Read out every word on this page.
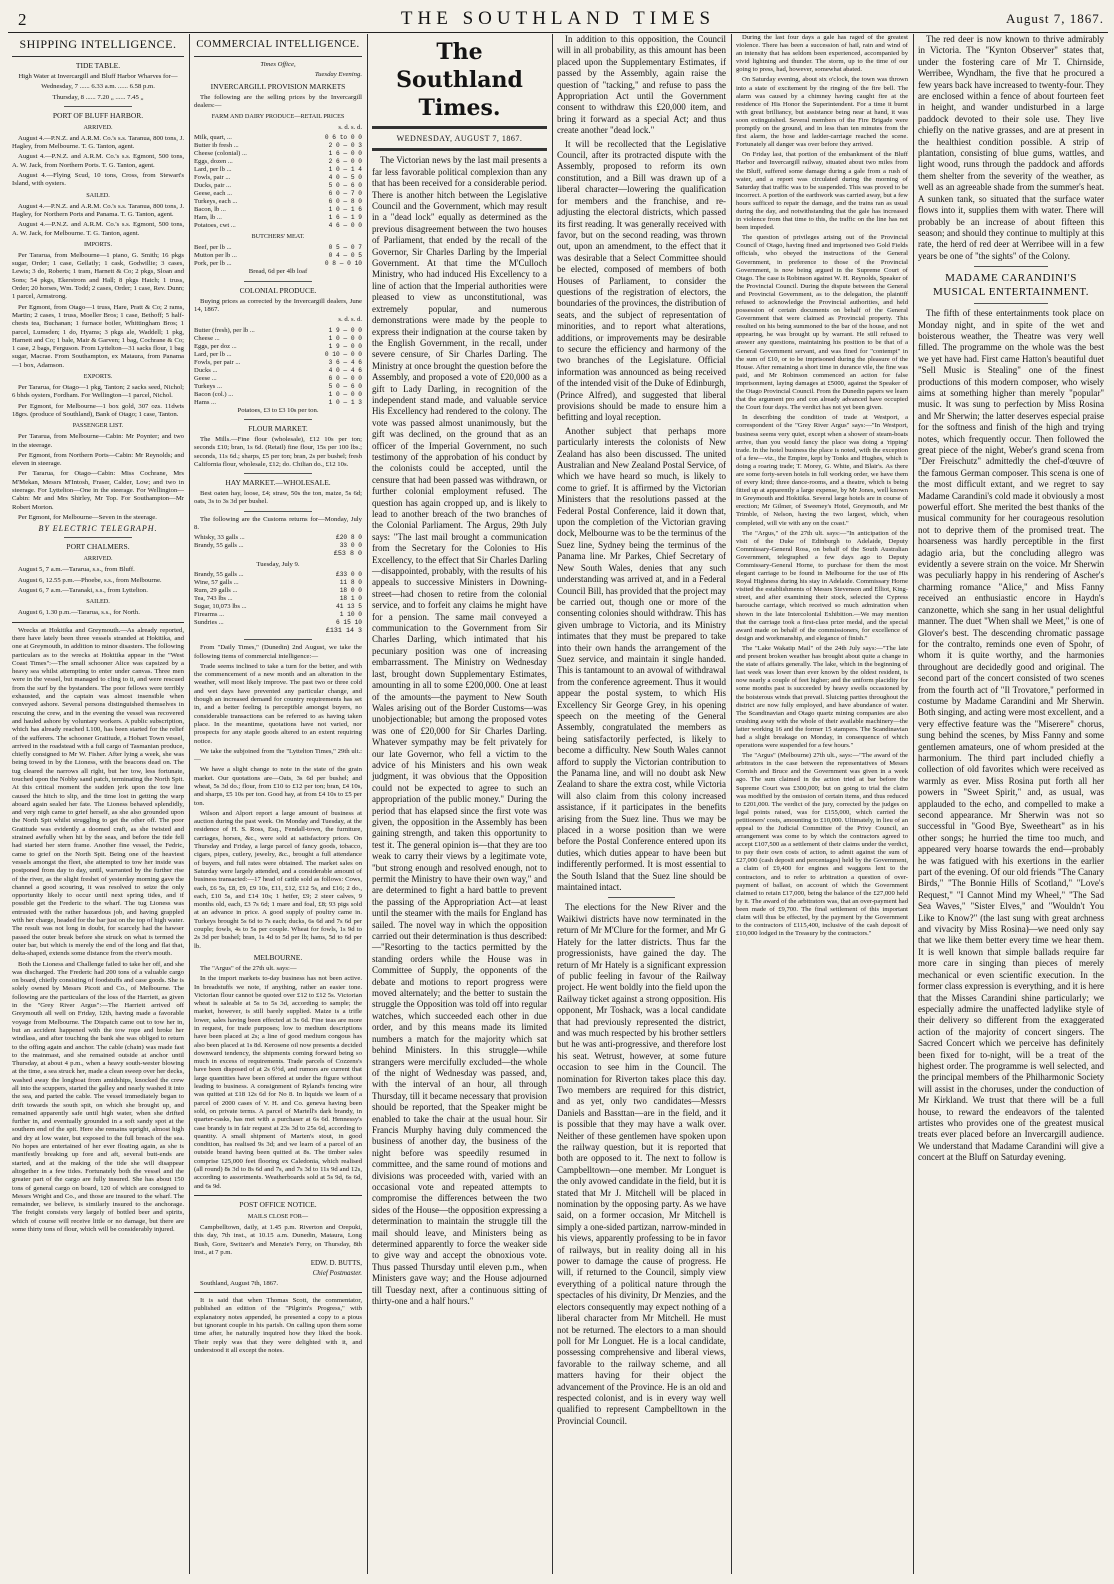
2	THE SOUTHLAND TIMES	August 7, 1867.
SHIPPING INTELLIGENCE.
TIDE TABLE.

High Water at Invercargill and Bluff Harbor Wharves for—

Wednesday, 7 ...... 6.33 a.m. ...... 6.58 p.m.

Thursday, 8 ...... 7.20 „ ...... 7.45 „

PORT OF BLUFF HARBOR.
ARRIVED.

August 4.—P.N.Z. and A.R.M. Co.'s s.s. Taranua, 800 tons, J. Hagley, from Melbourne. T. G. Tanton, agent.

August 4.—P.N.Z. and A.R.M. Co.'s s.s. Egmont, 500 tons, A. W. Jack, from Northern Ports. T. G. Tanton, agent.

August 4.—Flying Scud, 10 tons, Cross, from Stewart's Island, with oysters.

SAILED.

August 4.—P.N.Z. and A.R.M. Co.'s s.s. Taranua, 800 tons, J. Hagley, for Northern Ports and Panama. T. G. Tanton, agent.

August 4.—P.N.Z. and A.R.M. Co.'s s.s. Egmont, 500 tons, A. W. Jack, for Melbourne. T. G. Tanton, agent.

IMPORTS.

Per Tararua, from Melbourne—1 piano, G. Smith; 16 pkgs sugar, Order; 1 case, Gellatly; 1 cask, Godwillie; 3 cases, Lewis; 3 do, Roberts; 1 tram, Harnett & Co; 2 pkgs, Sloan and Sons; 54 pkgs, Ekerstrom and Hall; 8 pkgs Hatch; 1 truss, Order; 20 horses, Wm. Todd; 2 cases, Order; 1 case, Rev. Dunn; 1 parcel, Armstrong.

Per Egmont, from Otago—1 truss, Hare, Pratt & Co; 2 rams, Martin; 2 cases, 1 truss, Moeller Bros; 1 case, Bethoff; 5 half-chests tea, Buchanan; 1 furnace boiler, Whittingham Bros; 1 parcel, Lumsden; 1 do, Hyams; 3 pkgs ale, Waddell; 1 pkg, Harnett and Co; 1 bale, Mair & Garven; 1 bag, Cochrane & Co; 1 case, 2 bags, Ferguson. From Lyttelton—31 sacks flour, 1 bag sugar, Macrae. From Southampton, ex Mataura, from Panama—1 box, Adamson.

EXPORTS.

Per Tararua, for Otago—1 pkg, Tanton; 2 sacks seed, Nichol; 6 bhds oysters, Fordham. For Wellington—1 parcel, Nichol.

Per Egmont, for Melbourne—1 box gold, 307 ozs. 11dwts 18grs. (produce of Southland), Bank of Otago; 1 case, Tanton.

PASSENGER LIST.

Per Tararua, from Melbourne—Cabin: Mr Poynter; and two in the steerage.

Per Egmont, from Northern Ports—Cabin: Mr Reynolds; and eleven in steerage.

Per Tararua, for Otago—Cabin: Miss Cochrane, Mrs M'Mekan, Messrs M'Intosh, Fraser, Calder, Low; and two in steerage. For Lyttelton—One in the steerage. For Wellington—Cabin: Mr and Mrs Shirley, Mr Top. For Southampton—Mr Robert Morton.

Per Egmont, for Melbourne—Seven in the steerage.

BY ELECTRIC TELEGRAPH.
PORT CHALMERS.
ARRIVED.

August 5, 7 a.m.—Tararua, s.s., from Bluff.

August 6, 12.55 p.m.—Phoebe, s.s., from Melbourne.

August 6, 7 a.m.—Taranaki, s.s., from Lyttelton.

SAILED.

August 6, 1.30 p.m.—Tararua, s.s., for North.

Wrecks at Hokitika and Greymouth.—As already reported, there have lately been three vessels stranded at Hokitika, and one at Greymouth, in addition to minor disasters. The following particulars as to the wrecks at Hokitika appear in the "West Coast Times":—The small schooner Alice was capsized by a heavy sea whilst attempting to enter under canvas. Three men were in the vessel, but managed to cling to it, and were rescued from the surf by the bystanders. The poor fellows were terribly exhausted, and the captain was almost insensible when conveyed ashore. Several persons distinguished themselves in rescuing the crew, and in the evening the vessel was recovered and hauled ashore by voluntary workers. A public subscription, which has already reached L100, has been started for the relief of the sufferers. The schooner Gratitude, a Hobart Town vessel, arrived in the roadstead with a full cargo of Tasmanian produce, chiefly consigned to Mr W. Fisher. After lying a week, she was being towed in by the Lioness, with the beacons dead on. The tug cleared the narrows all right, but her tow, less fortunate, touched upon the Nobby sand patch, terminating the North Spit. At this critical moment the sudden jerk upon the tow line caused the hitch to slip, and the time lost in getting the warp aboard again sealed her fate. The Lioness behaved splendidly, and very nigh came to grief herself, as she also grounded upon the North Spit whilst struggling to get the other off. The poor Gratitude was evidently a doomed craft, as she twisted and strained awfully when hit by the seas, and before the tide fell had started her stern frame. Another fine vessel, the Fedric, came to grief on the North Spit. Being one of the heaviest vessels amongst the fleet, she attempted to tow her inside was postponed from day to day, until, warranted by the further rise of the river, as the slight freshet of yesterday morning gave the channel a good scouring, it was resolved to seize the only opportunity likely to occur until next spring tides, and if possible get the Frederic to the wharf. The tug Lioness was entrusted with the rather hazardous job, and having grappled with her charge, headed for the bar just on the top of high water. The result was not long in doubt, for scarcely had the hawser passed the outer break before she struck on what is termed the outer bar, but which is merely the end of the long and flat that, delta-shaped, extends some distance from the river's mouth.

Both the Lioness and Challenge failed to take her off, and she was discharged. The Frederic had 200 tons of a valuable cargo on board, chiefly consisting of foodstuffs and case goods. She is solely owned by Messrs Picott and Co., of Melbourne. The following are the particulars of the loss of the Harriett, as given in the "Grey River Argus":—The Harriett arrived off Greymouth all well on Friday, 12th, having made a favorable voyage from Melbourne. The Dispatch came out to tow her in, but an accident happened with the tow rope and broke her windlass, and after touching the bank she was obliged to return to the offing again and anchor. The cable (chain) was made fast to the mainmast, and she remained outside at anchor until Thursday, at about 4 p.m., when a heavy south-wester blowing at the time, a sea struck her, made a clean sweep over her decks, washed away the longboat from amidships, knocked the crew all into the scuppers, started the galley and nearly washed it into the sea, and parted the cable. The vessel immediately began to drift towards the south spit, on which she brought up, and remained apparently safe until high water, when she drifted further in, and eventually grounded in a soft sandy spot at the southern end of the spit. Here she remains upright, almost high and dry at low water, but exposed to the full breach of the sea. No hopes are entertained of her ever floating again, as she is manifestly breaking up fore and aft, several butt-ends are started, and at the making of the tide she will disappear altogether in a few tides. Fortunately both the vessel and the greater part of the cargo are fully insured. She has about 150 tons of general cargo on board, 120 of which are consigned to Messrs Wright and Co., and those are insured to the wharf. The remainder, we believe, is similarly insured to the anchorage. The freight consists very largely of bottled beer and spirits, which of course will receive little or no damage, but there are some thirty tons of flour, which will be considerably injured.

COMMERCIAL INTELLIGENCE.

Times Office,

Tuesday Evening.

INVERCARGILL PROVISION MARKETS

The following are the selling prices by the Invercargill dealers:—

FARM AND DAIRY PRODUCE—RETAIL PRICES

s. d. s. d.

Milk, quart, ...	0 6 to 0 0
Butter ib fresh ...	2 0 — 0 3
Cheese (colonial) ...	1 6 — 0 0
Eggs, dozen ...	2 6 — 0 0
Lard, per lb ...	1 0 — 1 4
Fowls, pair ...	4 0 — 5 0
Ducks, pair ...	5 0 — 6 0
Geese, each ...	6 0 — 7 0
Turkeys, each ...	6 0 — 8 0
Bacon, lb ...	1 0 — 1 6
Ham, lb ...	1 6 — 1 9
Potatoes, cwt ...	4 6 — 0 0
BUTCHERS' MEAT.
Beef, per lb ...	0 5 — 0 7
Mutton per lb ...	0 4 — 0 5
Pork, per lb ...	0 8 — 0 10

Bread, 6d per 4lb loaf

COLONIAL PRODUCE.

Buying prices as corrected by the Invercargill dealers, June 14, 1867.

s. d. s. d.

Butter (fresh), per lb ...	1 9 — 0 0
Cheese ...	1 0 — 0 0
Eggs, per doz ...	1 9 — 0 0
Lard, per lb ...	0 10 — 0 0
Fowls, per pair ...	3 6 — 4 6
Ducks ...	4 0 — 4 6
Geese ...	6 0 — 0 0
Turkeys ...	5 0 — 6 0
Bacon (col.) ...	1 0 — 0 0
Hams ...	1 0 — 1 3

Potatoes, £3 to £3 10s per ton.

FLOUR MARKET.

The Mills.—Fine flour (wholesale), £12 10s per ton; seconds £10; bran, 1s 6d. (Retail) fine flour, 15s per 100 lbs.; seconds, 11s 6d.; sharps, £5 per ton; bran, 2s per bushel; fresh California flour, wholesale, £12; do. Chilian do., £12 10s.

HAY MARKET.—WHOLESALE.

Best oaten hay, loose, £4; straw, 50s the ton, maize, 5s 6d; oats, 3s to 3s 3d per bushel.

The following are the Customs returns for—Monday, July 8.

Whisky, 33 galls ...	£20 8 0
Brandy, 55 galls ...	33 0 0

£53 8 0

Tuesday, July 9.

Brandy, 55 galls ...	£33 0 0
Wine, 57 galls ...	11 8 0
Rum, 29 galls ...	18 0 0
Tea, 743 lbs ...	18 1 0
Sugar, 10,073 lbs ...	41 13 5
Firearms ...	1 10 0
Sundries ...	6 15 10

£131 14 3

From "Daily Times," (Dunedin) 2nd August, we take the following items of commercial intelligence:—

Trade seems inclined to take a turn for the better, and with the commencement of a new month and an alteration in the weather, will most likely improve. The past two or three cold and wet days have prevented any particular change, and though an increased demand for country requirements has set in, and a better feeling is perceptible amongst buyers, no considerable transactions can be referred to as having taken place. In the meantime, quotations have not varied, nor prospects for any staple goods altered to an extent requiring notice.

We take the subjoined from the "Lyttelton Times," 29th ult.:—

We have a slight change to note in the state of the grain market. Our quotations are—Oats, 3s 6d per bushel; and wheat, 5s 3d do.; flour, from £10 to £12 per ton; bran, £4 10s, and sharps, £5 10s per ton. Good hay, at from £4 10s to £5 per ton.

Wilson and Alport report a large amount of business at auction during the past week. On Monday and Tuesday, at the residence of H. S. Ross, Esq., Fendall-town, the furniture, carriages, horses, &c., were sold at satisfactory prices. On Thursday and Friday, a large parcel of fancy goods, tobacco, cigars, pipes, cutlery, jewelry, &c., brought a full attendance of buyers, and full rates were obtained. The market sales on Saturday were largely attended, and a considerable amount of business transacted:—17 head of cattle sold as follows: Cows, each, £6 5s, £8, £9, £9 10s, £11, £12, £12 5s, and £16; 2 do., each, £10 5s, and £14 10s; 1 heifer, £9; 2 steer calves, 9 months old, each, £3 7s 6d; 1 mare and foal, £8; 93 pigs sold at an advance in price. A good supply of poultry came in. Turkeys brought 5s 6d to 7s each; ducks, 6s 6d and 7s 6d per couple; fowls, 4s to 5s per couple. Wheat for fowls, 1s 9d to 2s 3d per bushel; bran, 1s 4d to 5d per lb; hams, 5d to 6d per lb.

MELBOURNE.

The "Argus" of the 27th ult. says:—

In the import markets to-day business has not been active. In breadstuffs we note, if anything, rather an easier tone. Victorian flour cannot be quoted over £12 to £12 5s. Victorian wheat is saleable at 5s to 5s 3d, according to sample; the market, however, is still barely supplied. Maize is a trifle lower, sales having been effected at 3s 6d. Fine teas are more in request, for trade purposes; low to medium descriptions have been placed at 2s; a line of good medium congous has also been placed at 1s 8d. Kerosene oil now presents a decided downward tendency, the shipments coming forward being so much in excess of requirements. Trade parcels of Cozzens's have been disposed of at 2s 6½d, and rumors are current that large quantities have been offered at under the figure without leading to business. A consignment of Ryland's fencing wire was quitted at £18 12s 6d for No 8. In liquids we learn of a parcel of 2000 cases of V. H. and Co. geneva having been sold, on private terms. A parcel of Martell's dark brandy, in quarter-casks, has met with a purchaser at 6s 6d. Hennessy's case brandy is in fair request at 23s 3d to 25s 6d, according to quantity. A small shipment of Marten's stout, in good condition, has realised 9s 3d; and we learn of a parcel of an outside brand having been quitted at 8s. The timber sales comprise 125,000 feet flooring ex Caledonia, which realised (all round) 8s 3d to 8s 6d and 7s, and 7s 3d to 11s 9d and 12s, according to assortments. Weatherboards sold at 5s 9d, 6s 6d, and 6s 9d.

POST OFFICE NOTICE.
MAILS CLOSE FOR—

Campbelltown, daily, at 1.45 p.m. Riverton and Orepuki, this day, 7th inst., at 10.15 a.m. Dunedin, Mataura, Long Bush, Gore, Switzer's and Menzie's Ferry, on Thursday, 8th inst., at 7 p.m.

EDW. D. BUTTS,

Chief Postmaster.

Southland, August 7th, 1867.

It is said that when Thomas Scott, the commentator, published an edition of the "Pilgrim's Progress," with explanatory notes appended, he presented a copy to a pious but ignorant couple in his parish. On calling upon them some time after, he naturally inquired how they liked the book. Their reply was that they were delighted with it, and understood it all except the notes.

The Southland Times.
WEDNESDAY, AUGUST 7, 1867.

The Victorian news by the last mail presents a far less favorable political complexion than any that has been received for a considerable period. There is another hitch between the Legislative Council and the Government, which may result in a "dead lock" equally as determined as the previous disagreement between the two houses of Parliament, that ended by the recall of the Governor, Sir Charles Darling by the Imperial Government. At that time the M'Culloch Ministry, who had induced His Excellency to a line of action that the Imperial authorities were pleased to view as unconstitutional, was extremely popular, and numerous demonstrations were made by the people to express their indignation at the course taken by the English Government, in the recall, under severe censure, of Sir Charles Darling. The Ministry at once brought the question before the Assembly, and proposed a vote of £20,000 as a gift to Lady Darling, in recognition of the independent stand made, and valuable service His Excellency had rendered to the colony. The vote was passed almost unanimously, but the gift was declined, on the ground that as an officer of the Imperial Government, no such testimony of the approbation of his conduct by the colonists could be accepted, until the censure that had been passed was withdrawn, or further colonial employment refused. The question has again cropped up, and is likely to lead to another breach of the two branches of the Colonial Parliament. The Argus, 29th July says: "The last mail brought a communication from the Secretary for the Colonies to His Excellency, to the effect that Sir Charles Darling—disappointed, probably, with the results of his appeals to successive Ministers in Downing-street—had chosen to retire from the colonial service, and to forfeit any claims he might have for a pension. The same mail conveyed a communication to the Government from Sir Charles Darling, which intimated that his pecuniary position was one of increasing embarrassment. The Ministry on Wednesday last, brought down Supplementary Estimates, amounting in all to some £200,000. One at least of the amounts—the payment to New South Wales arising out of the Border Customs—was unobjectionable; but among the proposed votes was one of £20,000 for Sir Charles Darling. Whatever sympathy may be felt privately for our late Governor, who fell a victim to the advice of his Ministers and his own weak judgment, it was obvious that the Opposition could not be expected to agree to such an appropriation of the public money." During the period that has elapsed since the first vote was given, the opposition in the Assembly has been gaining strength, and taken this opportunity to test it. The general opinion is—that they are too weak to carry their views by a legitimate vote, "but strong enough and resolved enough, not to permit the Ministry to have their own way," and are determined to fight a hard battle to prevent the passing of the Appropriation Act—at least until the steamer with the mails for England has sailed. The novel way in which the opposition carried out their determination is thus described:—"Resorting to the tactics permitted by the standing orders while the House was in Committee of Supply, the opponents of the debate and motions to report progress were moved alternately; and the better to sustain the struggle the Opposition was told off into regular watches, which succeeded each other in due order, and by this means made its limited numbers a match for the majority which sat behind Ministers. In this struggle—while strangers were mercifully excluded—the whole of the night of Wednesday was passed, and, with the interval of an hour, all through Thursday, till it became necessary that provision should be reported, that the Speaker might be enabled to take the chair at the usual hour. Sir Francis Murphy having duly commenced the business of another day, the business of the night before was speedily resumed in committee, and the same round of motions and divisions was proceeded with, varied with an occasional vote and repeated attempts to compromise the differences between the two sides of the House—the opposition expressing a determination to maintain the struggle till the mail should leave, and Ministers being as determined apparently to force the weaker side to give way and accept the obnoxious vote. Thus passed Thursday until eleven p.m., when Ministers gave way; and the House adjourned till Tuesday next, after a continuous sitting of thirty-one and a half hours."

In addition to this opposition, the Council will in all probability, as this amount has been placed upon the Supplementary Estimates, if passed by the Assembly, again raise the question of "tacking," and refuse to pass the Appropriation Act until the Government consent to withdraw this £20,000 item, and bring it forward as a special Act; and thus create another "dead lock."

It will be recollected that the Legislative Council, after its protracted dispute with the Assembly, proposed to reform its own constitution, and a Bill was drawn up of a liberal character—lowering the qualification for members and the franchise, and re-adjusting the electoral districts, which passed its first reading. It was generally received with favor, but on the second reading, was thrown out, upon an amendment, to the effect that it was desirable that a Select Committee should be elected, composed of members of both Houses of Parliament, to consider the questions of the registration of electors, the boundaries of the provinces, the distribution of seats, and the subject of representation of minorities, and to report what alterations, additions, or improvements may be desirable to secure the efficiency and harmony of the two branches of the Legislature. Official information was announced as being received of the intended visit of the Duke of Edinburgh, (Prince Alfred), and suggested that liberal provisions should be made to ensure him a befitting and loyal reception.

Another subject that perhaps more particularly interests the colonists of New Zealand has also been discussed. The united Australian and New Zealand Postal Service, of which we have heard so much, is likely to come to grief. It is affirmed by the Victorian Ministers that the resolutions passed at the Federal Postal Conference, laid it down that, upon the completion of the Victorian graving dock, Melbourne was to be the terminus of the Suez line, Sydney being the terminus of the Panama line. Mr Parkes, Chief Secretary of New South Wales, denies that any such understanding was arrived at, and in a Federal Council Bill, has provided that the project may be carried out, though one or more of the consenting colonies should withdraw. This has given umbrage to Victoria, and its Ministry intimates that they must be prepared to take into their own hands the arrangement of the Suez service, and maintain it single handed. This is tantamount to an avowal of withdrawal from the conference agreement. Thus it would appear the postal system, to which His Excellency Sir George Grey, in his opening speech on the meeting of the General Assembly, congratulated the members as being satisfactorily perfected, is likely to become a difficulty. New South Wales cannot afford to supply the Victorian contribution to the Panama line, and will no doubt ask New Zealand to share the extra cost, while Victoria will also claim from this colony increased assistance, if it participates in the benefits arising from the Suez line. Thus we may be placed in a worse position than we were before the Postal Conference entered upon its duties, which duties appear to have been but indifferently performed. It is most essential to the South Island that the Suez line should be maintained intact.

The elections for the New River and the Waikiwi districts have now terminated in the return of Mr M'Clure for the former, and Mr G Hately for the latter districts. Thus far the progressionists, have gained the day. The return of Mr Hately is a significant expression of public feeling in favour of the Railway project. He went boldly into the field upon the Railway ticket against a strong opposition. His opponent, Mr Toshack, was a local candidate that had previously represented the district, and was much respected by his brother settlers but he was anti-progressive, and therefore lost his seat. Wetrust, however, at some future occasion to see him in the Council. The nomination for Riverton takes place this day. Two members are required for this district, and as yet, only two candidates—Messrs Daniels and Bassttan—are in the field, and it is possible that they may have a walk over. Neither of these gentlemen have spoken upon the railway question, but it is reported that both are opposed to it. The next to follow is Campbelltown—one member. Mr Longuet is the only avowed candidate in the field, but it is stated that Mr J. Mitchell will be placed in nomination by the opposing party. As we have said, on a former occasion, Mr Mitchell is simply a one-sided partizan, narrow-minded in his views, apparently professing to be in favor of railways, but in reality doing all in his power to damage the cause of progress. He will, if returned to the Council, simply view everything of a political nature through the spectacles of his divinity, Dr Menzies, and the electors consequently may expect nothing of a liberal character from Mr Mitchell. He must not be returned. The electors to a man should poll for Mr Longuet. He is a local candidate, possessing comprehensive and liberal views, favorable to the railway scheme, and all matters having for their object the advancement of the Province. He is an old and respected colonist, and is in every way well qualified to represent Campbelltown in the Provincial Council.

During the last four days a gale has raged of the greatest violence. There has been a succession of hail, rain and wind of an intensity that has seldom been experienced, accompanied by vivid lightning and thunder. The storm, up to the time of our going to press, had, however, somewhat abated.

On Saturday evening, about six o'clock, the town was thrown into a state of excitement by the ringing of the fire bell. The alarm was caused by a chimney having caught fire at the residence of His Honor the Superintendent. For a time it burnt with great brilliancy, but assistance being near at hand, it was soon extinguished. Several members of the Fire Brigade were promptly on the ground, and in less than ten minutes from the first alarm, the hose and ladder-carriage reached the scene. Fortunately all danger was over before they arrived.

On Friday last, that portion of the embankment of the Bluff Harbor and Invercargill railway, situated about two miles from the Bluff, suffered some damage during a gale from a rush of water, and a report was circulated during the morning of Saturday that traffic was to be suspended. This was proved to be incorrect. A portion of the earthwork was carried away, but a few hours sufficed to repair the damage, and the trains ran as usual during the day, and notwithstanding that the gale has increased in violence from that time to this, the traffic on the line has not been impeded.

The question of privileges arising out of the Provincial Council of Otago, having fined and imprisoned two Gold Fields officials, who obeyed the instructions of the General Government, in preference to those of the Provincial Government, is now being argued in the Supreme Court of Otago. The case is Robinson against W. H. Reynolds, Speaker of the Provincial Council. During the dispute between the General and Provincial Government, as to the delegation, the plaintiff refused to acknowledge the Provincial authorities, and held possession of certain documents on behalf of the General Government that were claimed as Provincial property. This resulted on his being summoned to the bar of the house, and not appearing, he was brought up by warrant. He still refused to answer any questions, maintaining his position to be that of a General Government servant, and was fined for "contempt" in the sum of £10, or to be imprisoned during the pleasure of the House. After remaining a short time in durance vile, the fine was paid, and Mr Robinson commenced an action for false imprisonment, laying damages at £5000, against the Speaker of the Otago Provincial Council. From the Dunedin papers we learn that the argument pro and con already advanced have occupied the Court four days. The verdict has not yet been given.

In describing the condition of trade at Westport, a correspondent of the "Grey River Argus" says:—"In Westport, business seems very quiet, except when a shower of steam-boats arrive, than you would fancy the place was doing a 'ripping' trade. In the hotel business the place is noted, with the exception of a few—viz., the Empire, kept by Tonks and Hughes, which is doing a roaring trade; T. Morey, G. White, and Blair's. As there are some forty-seven hotels in full working order, we have them of every kind; three dance-rooms, and a theatre, which is being fitted up at apparently a large expense, by Mr Jones, well known in Greymouth and Hokitika. Several large hotels are in course of erection; Mr Gilmer, of Sweeney's Hotel, Greymouth, and Mr Trimble, of Nelson, having the two largest, which, when completed, will vie with any on the coast."

The "Argus," of the 27th ult. says:—"In anticipation of the visit of the Duke of Edinburgh to Adelaide, Deputy Commissary-General Ross, on behalf of the South Australian Government, telegraphed a few days ago to Deputy Commissary-General Horne, to purchase for them the most elegant carriage to be found in Melbourne for the use of His Royal Highness during his stay in Adelaide. Commissary Horne visited the establishments of Messrs Stevenson and Elliot, King-street, and after examining their stock, selected the Cypress barouche carriage, which received so much admiration when shown in the late Intercolonial Exhibition.—We may mention that the carriage took a first-class prize medal, and the special award made on behalf of the commissioners, for excellence of design and workmanship, and elegance of finish."

The "Lake Wakatip Mail" of the 24th July says:—"The late and present broken weather has brought about quite a change in the state of affairs generally. The lake, which in the beginning of last week was lower than ever known by the oldest resident, is now nearly a couple of feet higher; and the uniform placidity for some months past is succeeded by heavy swells occasioned by the boisterous winds that prevail. Sluicing parties throughout the district are now fully employed, and have abundance of water. The Scandinavian and Otago quartz mining companies are also crushing away with the whole of their available machinery—the latter working 16 and the former 15 stampers. The Scandinavian had a slight breakage on Monday, in consequence of which operations were suspended for a few hours."

The "Argus" (Melbourne) 27th ult., says:—"The award of the arbitrators in the case between the representatives of Messrs Cornish and Bruce and the Government was given in a week ago. The sum claimed in the action tried at bar before the Supreme Court was £300,000; but on going to trial the claim was modified by the omission of certain items, and thus reduced to £201,000. The verdict of the jury, corrected by the judges on legal points raised, was for £155,000, which carried the petitioners' costs, amounting to £10,000. Ultimately, in lieu of an appeal to the Judicial Committee of the Privy Council, an arrangement was come to by which the contractors agreed to accept £107,500 as a settlement of their claims under the verdict, to pay their own costs of action, to admit against the sum of £27,000 (cash deposit and percentages) held by the Government, a claim of £9,400 for engines and waggons lent to the contractors, and to refer to arbitration a question of over-payment of ballast, on account of which the Government claimed to retain £17,000, being the balance of the £27,000 held by it. The award of the arbitrators was, that an over-payment had been made of £9,700. The final settlement of this important claim will thus be effected, by the payment by the Government to the contractors of £115,400, inclusive of the cash deposit of £10,000 lodged in the Treasury by the contractors."

The red deer is now known to thrive admirably in Victoria. The "Kynton Observer" states that, under the fostering care of Mr T. Chirnside, Werribee, Wyndham, the five that he procured a few years back have increased to twenty-four. They are enclosed within a fence of about fourteen feet in height, and wander undisturbed in a large paddock devoted to their sole use. They live chiefly on the native grasses, and are at present in the healthiest condition possible. A strip of plantation, consisting of blue gums, wattles, and light wood, runs through the paddock and affords them shelter from the severity of the weather, as well as an agreeable shade from the summer's heat. A sunken tank, so situated that the surface water flows into it, supplies them with water. There will probably be an increase of about fifteen this season; and should they continue to multiply at this rate, the herd of red deer at Werribee will in a few years be one of "the sights" of the Colony.

MADAME CARANDINI'S MUSICAL ENTERTAINMENT.

The fifth of these entertainments took place on Monday night, and in spite of the wet and boisterous weather, the Theatre was very well filled. The programme on the whole was the best we yet have had. First came Hatton's beautiful duet "Sell Music is Stealing" one of the finest productions of this modern composer, who wisely aims at something higher than merely "popular" music. It was sung to perfection by Miss Rosina and Mr Sherwin; the latter deserves especial praise for the softness and finish of the high and trying notes, which frequently occur. Then followed the great piece of the night, Weber's grand scena from "Der Freischutz" admittedly the chef-d'œuvre of the famous German composer. This scena is one of the most difficult extant, and we regret to say Madame Carandini's cold made it obviously a most powerful effort. She merited the best thanks of the musical community for her courageous resolution not to deprive them of the promised treat. The hoarseness was hardly perceptible in the first adagio aria, but the concluding allegro was evidently a severe strain on the voice. Mr Sherwin was peculiarly happy in his rendering of Ascher's charming romance "Alice," and Miss Fanny received an enthusiastic encore in Haydn's canzonette, which she sang in her usual delightful manner. The duet "When shall we Meet," is one of Glover's best. The descending chromatic passage for the contralto, reminds one even of Spohr, of whom it is quite worthy, and the harmonies throughout are decidedly good and original. The second part of the concert consisted of two scenes from the fourth act of "Il Trovatore," performed in costume by Madame Carandini and Mr Sherwin. Both singing, and acting were most excellent, and a very effective feature was the "Miserere" chorus, sung behind the scenes, by Miss Fanny and some gentlemen amateurs, one of whom presided at the harmonium. The third part included chiefly a collection of old favorites which were received as warmly as ever. Miss Rosina put forth all her powers in "Sweet Spirit," and, as usual, was applauded to the echo, and compelled to make a second appearance. Mr Sherwin was not so successful in "Good Bye, Sweetheart" as in his other songs; he hurried the time too much, and appeared very hoarse towards the end—probably he was fatigued with his exertions in the earlier part of the evening. Of our old friends "The Canary Birds," "The Bonnie Hills of Scotland," "Love's Request," "I Cannot Mind my Wheel," "The Sad Sea Waves," "Sister Elves," and "Wouldn't You Like to Know?" (the last sung with great archness and vivacity by Miss Rosina)—we need only say that we like them better every time we hear them. It is well known that simple ballads require far more care in singing than pieces of merely mechanical or even scientific execution. In the former class expression is everything, and it is here that the Misses Carandini shine particularly; we especially admire the unaffected ladylike style of their delivery so different from the exaggerated action of the majority of concert singers. The Sacred Concert which we perceive has definitely been fixed for to-night, will be a treat of the highest order. The programme is well selected, and the principal members of the Philharmonic Society will assist in the choruses, under the conduction of Mr Kirkland. We trust that there will be a full house, to reward the endeavors of the talented artistes who provides one of the greatest musical treats ever placed before an Invercargill audience. We understand that Madame Carandini will give a concert at the Bluff on Saturday evening.
